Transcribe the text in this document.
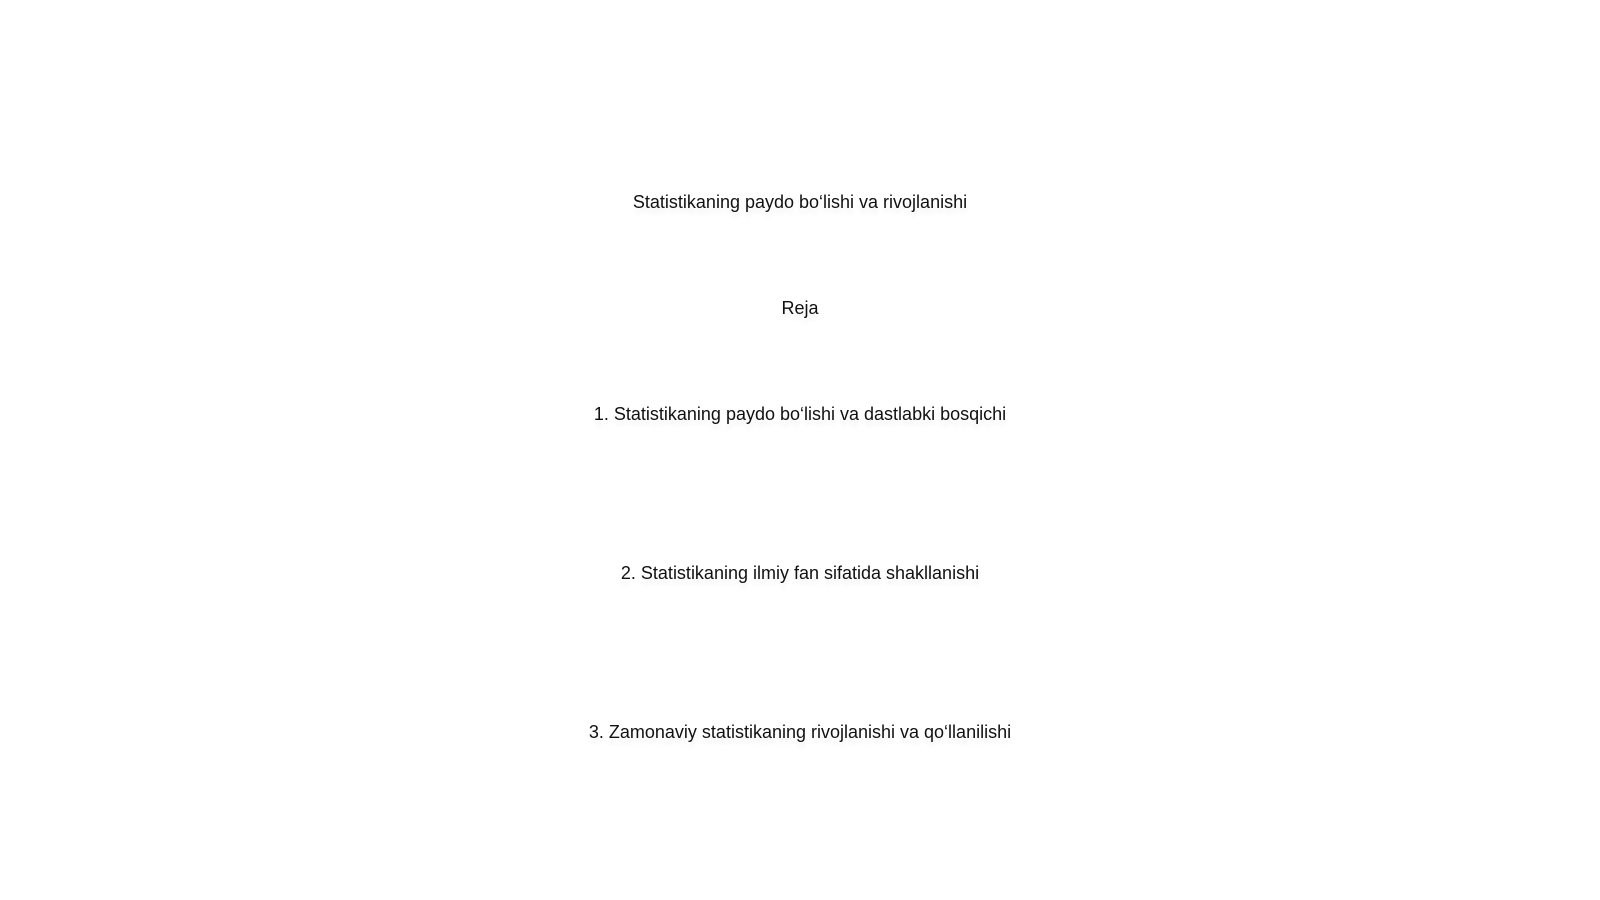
Statistikaning paydo bo‘lishi va rivojlanishi
Reja
1. Statistikaning paydo bo‘lishi va dastlabki bosqichi
2. Statistikaning ilmiy fan sifatida shakllanishi
3. Zamonaviy statistikaning rivojlanishi va qo‘llanilishi
